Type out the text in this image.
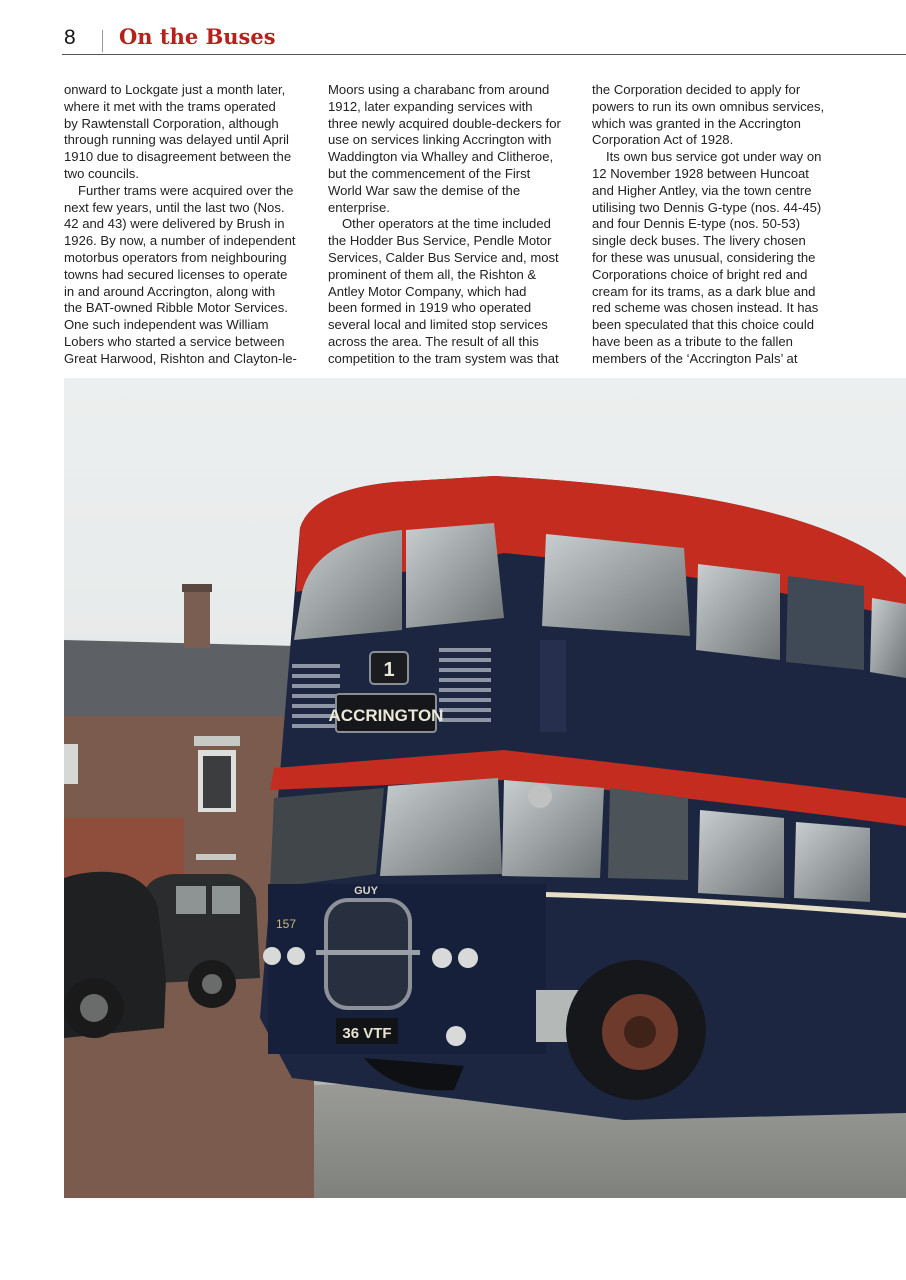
8 On the Buses

onward to Lockgate just a month later,

where it met with the trams operated

by Rawtenstall Corporation, although

through running was delayed until April

1910 due to disagreement between the

two councils.

Further trams were acquired over the

next few years, until the last two (Nos.

42 and 43) were delivered by Brush in

1926. By now, a number of independent

motorbus operators from neighbouring

towns had secured licenses to operate

in and around Accrington, along with

the BAT-owned Ribble Motor Services.

One such independent was William

Lobers who started a service between

Great Harwood, Rishton and Clayton-le-

Moors using a charabanc from around

1912, later expanding services with

three newly acquired double-deckers for

use on services linking Accrington with

Waddington via Whalley and Clitheroe,

but the commencement of the First

World War saw the demise of the

enterprise.

Other operators at the time included

the Hodder Bus Service, Pendle Motor

Services, Calder Bus Service and, most

prominent of them all, the Rishton &

Antley Motor Company, which had

been formed in 1919 who operated

several local and limited stop services

across the area. The result of all this

competition to the tram system was that

the Corporation decided to apply for

powers to run its own omnibus services,

which was granted in the Accrington

Corporation Act of 1928.

Its own bus service got under way on

12 November 1928 between Huncoat

and Higher Antley, via the town centre

utilising two Dennis G-type (nos. 44-45)

and four Dennis E-type (nos. 50-53)

single deck buses. The livery chosen

for these was unusual, considering the

Corporations choice of bright red and

cream for its trams, as a dark blue and

red scheme was chosen instead. It has

been speculated that this choice could

have been as a tribute to the fallen

members of the ‘Accrington Pals’ at

1
ACCRINGTON
GUY
157
36 VTF
